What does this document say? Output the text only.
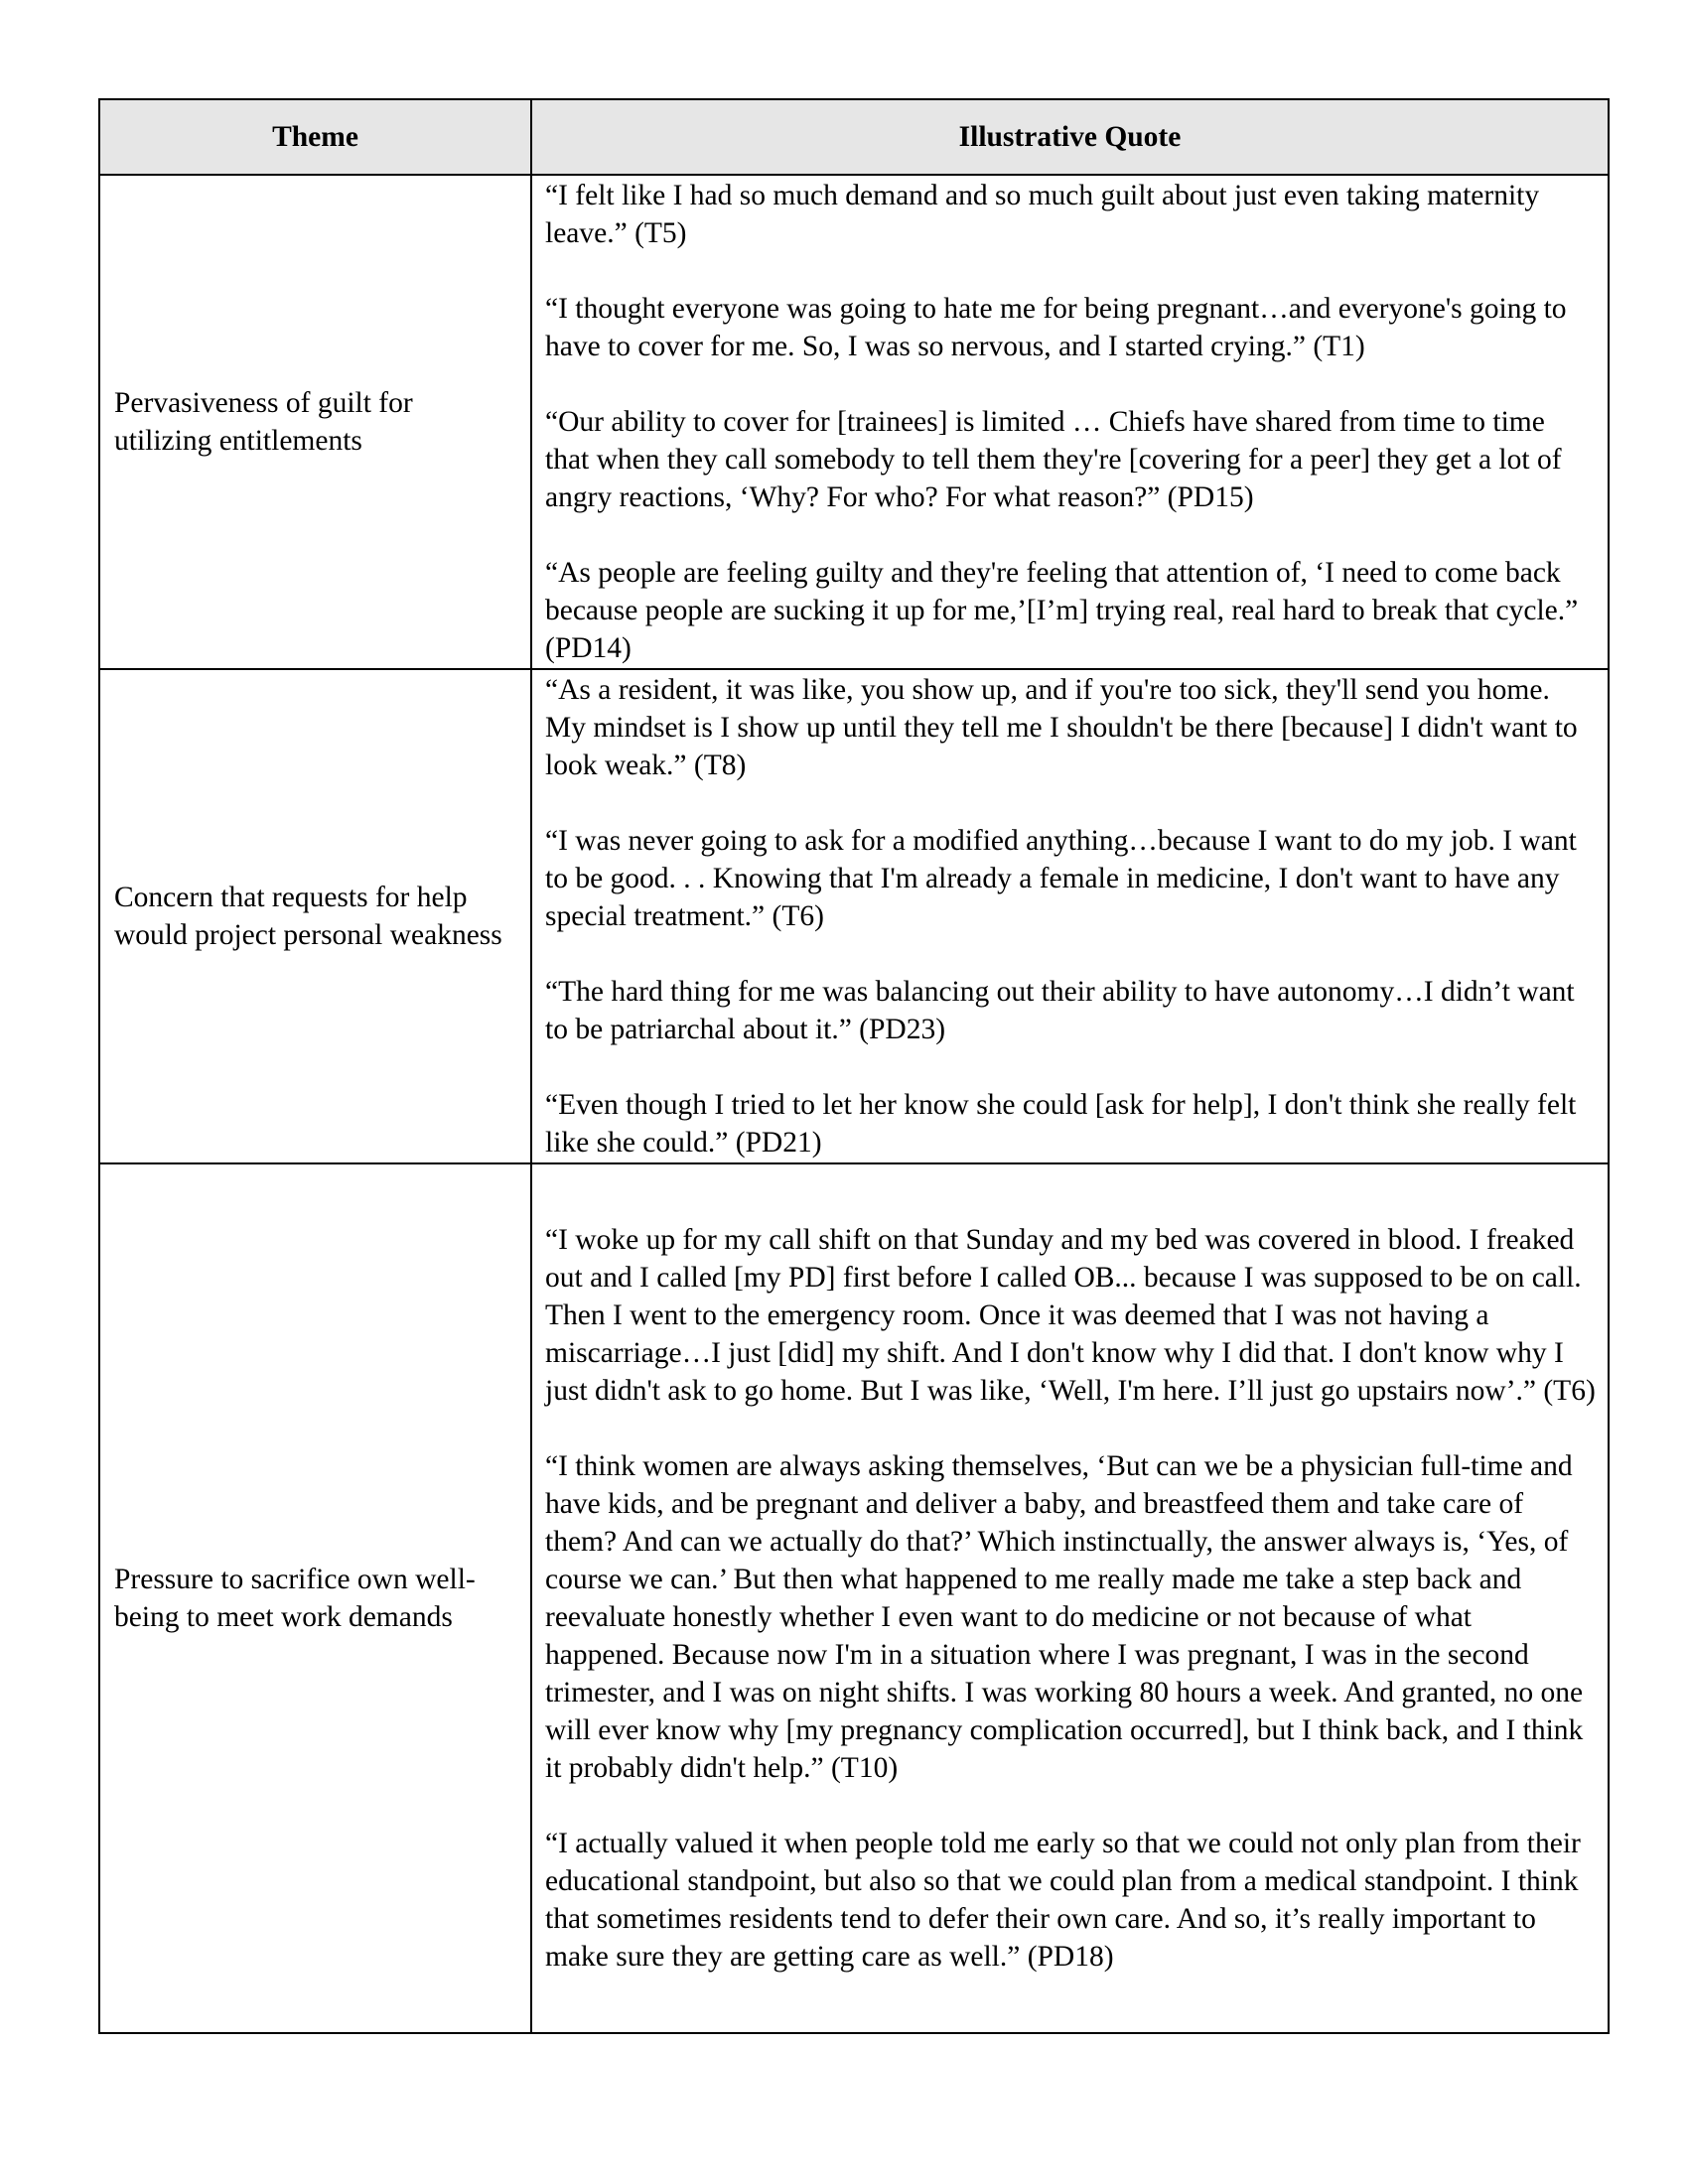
Theme	Illustrative Quote
Pervasiveness of guilt for utilizing entitlements	“I felt like I had so much demand and so much guilt about just even taking maternity leave.” (T5)

“I thought everyone was going to hate me for being pregnant…and everyone's going to have to cover for me. So, I was so nervous, and I started crying.” (T1)

“Our ability to cover for [trainees] is limited … Chiefs have shared from time to time that when they call somebody to tell them they're [covering for a peer] they get a lot of angry reactions, ‘Why? For who? For what reason?” (PD15)

“As people are feeling guilty and they're feeling that attention of, ‘I need to come back because people are sucking it up for me,’[I’m] trying real, real hard to break that cycle.” (PD14)

Concern that requests for help would project personal weakness	“As a resident, it was like, you show up, and if you're too sick, they'll send you home. My mindset is I show up until they tell me I shouldn't be there [because] I didn't want to look weak.” (T8)

“I was never going to ask for a modified anything…because I want to do my job. I want to be good. . . Knowing that I'm already a female in medicine, I don't want to have any special treatment.” (T6)

“The hard thing for me was balancing out their ability to have autonomy…I didn’t want to be patriarchal about it.” (PD23)

“Even though I tried to let her know she could [ask for help], I don't think she really felt like she could.” (PD21)

Pressure to sacrifice own well-being to meet work demands	“I woke up for my call shift on that Sunday and my bed was covered in blood. I freaked out and I called [my PD] first before I called OB... because I was supposed to be on call. Then I went to the emergency room. Once it was deemed that I was not having a miscarriage…I just [did] my shift. And I don't know why I did that. I don't know why I just didn't ask to go home. But I was like, ‘Well, I'm here. I’ll just go upstairs now’.” (T6)

“I think women are always asking themselves, ‘But can we be a physician full-time and have kids, and be pregnant and deliver a baby, and breastfeed them and take care of them? And can we actually do that?’ Which instinctually, the answer always is, ‘Yes, of course we can.’ But then what happened to me really made me take a step back and reevaluate honestly whether I even want to do medicine or not because of what happened. Because now I'm in a situation where I was pregnant, I was in the second trimester, and I was on night shifts. I was working 80 hours a week. And granted, no one will ever know why [my pregnancy complication occurred], but I think back, and I think it probably didn't help.” (T10)

“I actually valued it when people told me early so that we could not only plan from their educational standpoint, but also so that we could plan from a medical standpoint. I think that sometimes residents tend to defer their own care. And so, it’s really important to make sure they are getting care as well.” (PD18)
